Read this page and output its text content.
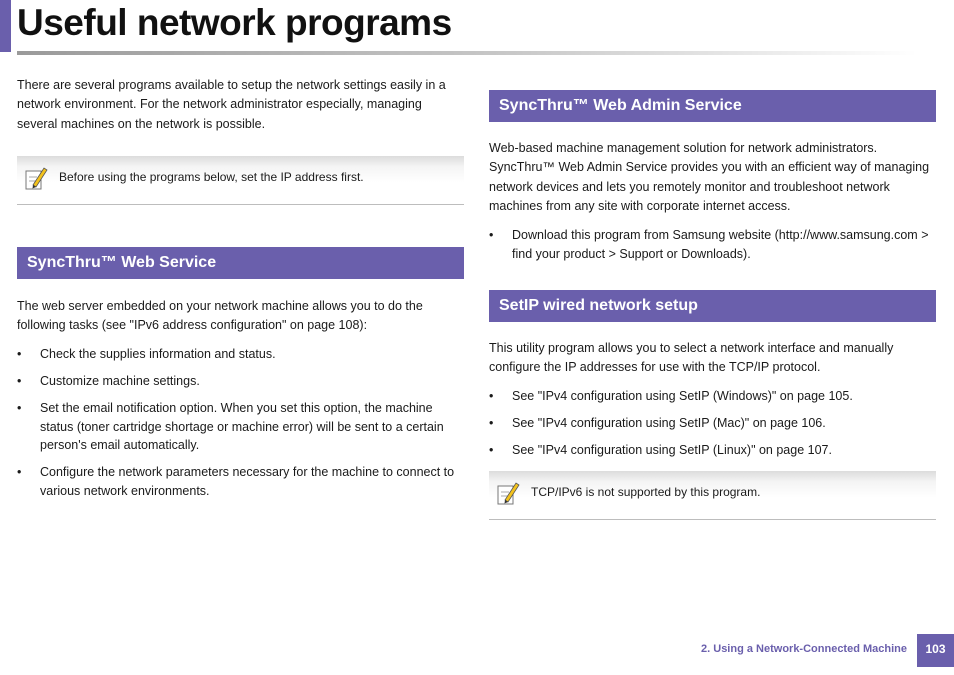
Useful network programs

There are several programs available to setup the network settings easily in a network environment. For the network administrator especially, managing several machines on the network is possible.

Before using the programs below, set the IP address first.
SyncThru™ Web Service

The web server embedded on your network machine allows you to do the following tasks (see "IPv6 address configuration" on page 108):

• Check the supplies information and status.
• Customize machine settings.
• Set the email notification option. When you set this option, the machine status (toner cartridge shortage or machine error) will be sent to a certain person's email automatically.
• Configure the network parameters necessary for the machine to connect to various network environments.
SyncThru™ Web Admin Service

Web-based machine management solution for network administrators. SyncThru™ Web Admin Service provides you with an efficient way of managing network devices and lets you remotely monitor and troubleshoot network machines from any site with corporate internet access.

• Download this program from Samsung website (http://www.samsung.com > find your product > Support or Downloads).
SetIP wired network setup

This utility program allows you to select a network interface and manually configure the IP addresses for use with the TCP/IP protocol.

• See "IPv4 configuration using SetIP (Windows)" on page 105.
• See "IPv4 configuration using SetIP (Mac)" on page 106.
• See "IPv4 configuration using SetIP (Linux)" on page 107.
TCP/IPv6 is not supported by this program.
2. Using a Network-Connected Machine	103
